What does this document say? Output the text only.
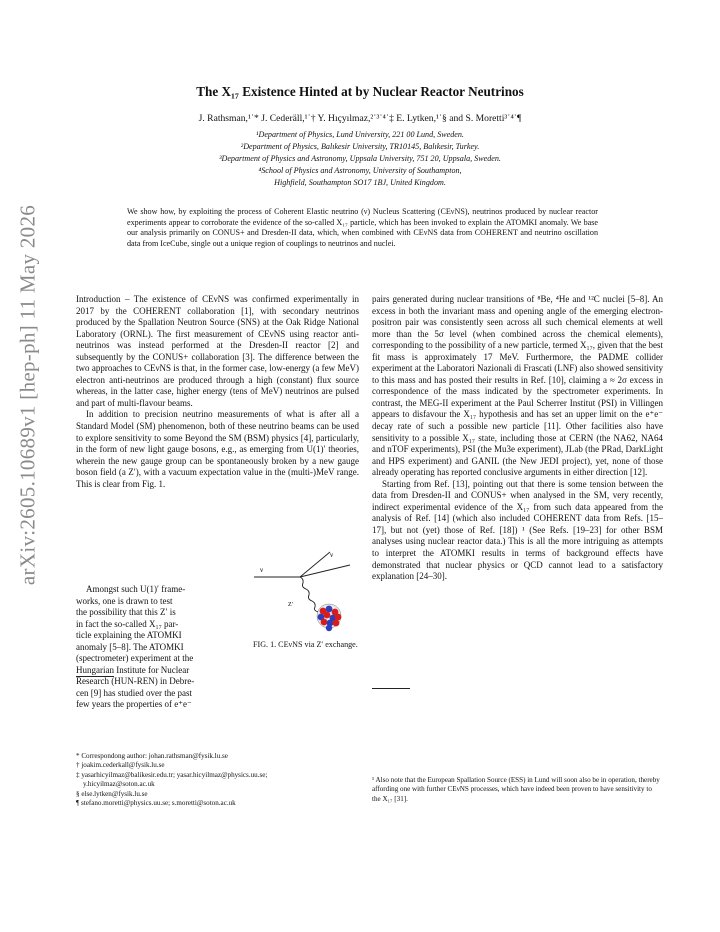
arXiv:2605.10689v1 [hep-ph] 11 May 2026
The X₁₇ Existence Hinted at by Nuclear Reactor Neutrinos
J. Rathsman,¹˙* J. Cederäll,¹˙† Y. Hıçyılmaz,²˙³˙⁴˙‡ E. Lytken,¹˙§ and S. Moretti³˙⁴˙¶
¹Department of Physics, Lund University, 221 00 Lund, Sweden.
²Department of Physics, Balıkesir University, TR10145, Balıkesir, Turkey.
³Department of Physics and Astronomy, Uppsala University, 751 20, Uppsala, Sweden.
⁴School of Physics and Astronomy, University of Southampton,
Highfield, Southampton SO17 1BJ, United Kingdom.
We show how, by exploiting the process of Coherent Elastic neutrino (ν) Nucleus Scattering (CEνNS), neutrinos produced by nuclear reactor experiments appear to corroborate the evidence of the so-called X₁₇ particle, which has been invoked to explain the ATOMKI anomaly. We base our analysis primarily on CONUS+ and Dresden-II data, which, when combined with CEνNS data from COHERENT and neutrino oscillation data from IceCube, single out a unique region of couplings to neutrinos and nuclei.

Introduction – The existence of CEνNS was confirmed experimentally in 2017 by the COHERENT collaboration [1], with secondary neutrinos produced by the Spallation Neutron Source (SNS) at the Oak Ridge National Laboratory (ORNL). The first measurement of CEνNS using reactor anti-neutrinos was instead performed at the Dresden-II reactor [2] and subsequently by the CONUS+ collaboration [3]. The difference between the two approaches to CEνNS is that, in the former case, low-energy (a few MeV) electron anti-neutrinos are produced through a high (constant) flux source whereas, in the latter case, higher energy (tens of MeV) neutrinos are pulsed and part of multi-flavour beams.

In addition to precision neutrino measurements of what is after all a Standard Model (SM) phenomenon, both of these neutrino beams can be used to explore sensitivity to some Beyond the SM (BSM) physics [4], particularly, in the form of new light gauge bosons, e.g., as emerging from U(1)′ theories, wherein the new gauge group can be spontaneously broken by a new gauge boson field (a Z′), with a vacuum expectation value in the (multi-)MeV range. This is clear from Fig. 1.

Amongst such U(1)′ frame-
works, one is drawn to test
the possibility that this Z′ is
in fact the so-called X₁₇ par-
ticle explaining the ATOMKI
anomaly [5–8]. The ATOMKI
(spectrometer) experiment at the
Hungarian Institute for Nuclear
Research (HUN-REN) in Debre-
cen [9] has studied over the past
few years the properties of e⁺e⁻
ν
ν
Z′
FIG. 1. CEνNS via Z′ exchange.
* Correspondong author: johan.rathsman@fysik.lu.se
† joakim.cederkall@fysik.lu.se
‡ yasarhicyilmaz@balikesir.edu.tr; yasar.hicyilmaz@physics.uu.se;
y.hicyilmaz@soton.ac.uk
§ else.lytken@fysik.lu.se
¶ stefano.moretti@physics.uu.se; s.moretti@soton.ac.uk

pairs generated during nuclear transitions of ⁸Be, ⁴He and ¹²C nuclei [5–8]. An excess in both the invariant mass and opening angle of the emerging electron-positron pair was consistently seen across all such chemical elements at well more than the 5σ level (when combined across the chemical elements), corresponding to the possibility of a new particle, termed X₁₇, given that the best fit mass is approximately 17 MeV. Furthermore, the PADME collider experiment at the Laboratori Nazionali di Frascati (LNF) also showed sensitivity to this mass and has posted their results in Ref. [10], claiming a ≈ 2σ excess in correspondence of the mass indicated by the spectrometer experiments. In contrast, the MEG-II experiment at the Paul Scherrer Institut (PSI) in Villingen appears to disfavour the X₁₇ hypothesis and has set an upper limit on the e⁺e⁻ decay rate of such a possible new particle [11]. Other facilities also have sensitivity to a possible X₁₇ state, including those at CERN (the NA62, NA64 and nTOF experiments), PSI (the Mu3e experiment), JLab (the PRad, DarkLight and HPS experiment) and GANIL (the New JEDI project), yet, none of those already operating has reported conclusive arguments in either direction [12].

Starting from Ref. [13], pointing out that there is some tension between the data from Dresden-II and CONUS+ when analysed in the SM, very recently, indirect experimental evidence of the X₁₇ from such data appeared from the analysis of Ref. [14] (which also included COHERENT data from Refs. [15–17], but not (yet) those of Ref. [18]) ¹ (See Refs. [19–23] for other BSM analyses using nuclear reactor data.) This is all the more intriguing as attempts to interpret the ATOMKI results in terms of background effects have demonstrated that nuclear physics or QCD cannot lead to a satisfactory explanation [24–30].

¹ Also note that the European Spallation Source (ESS) in Lund will soon also be in operation, thereby affording one with further CEνNS processes, which have indeed been proven to have sensitivity to the X₁₇ [31].
